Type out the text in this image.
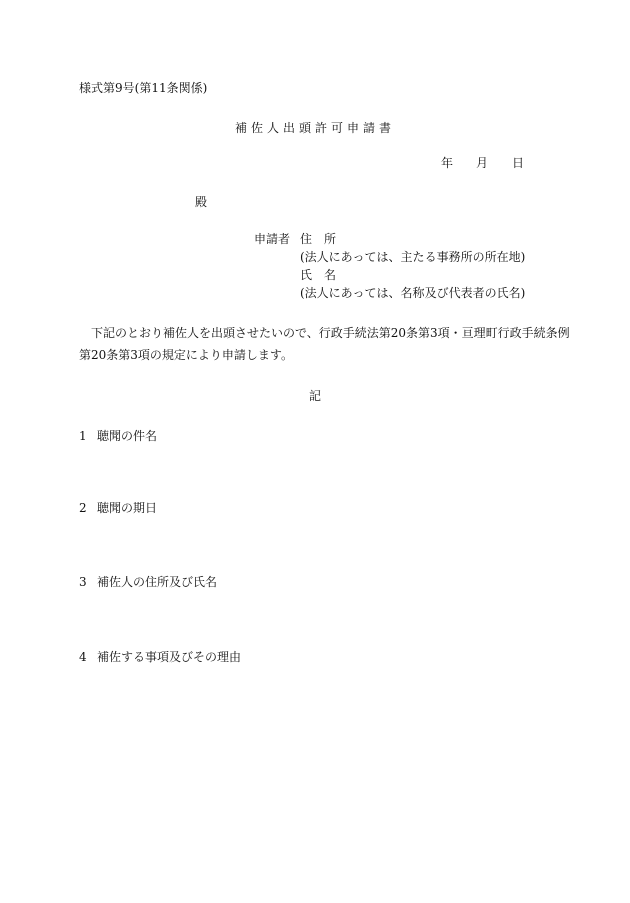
様式第9号(第11条関係)
補佐人出頭許可申請書
年 月 日
殿
申請者 住　所
(法人にあっては、主たる事務所の所在地)
氏　名
(法人にあっては、名称及び代表者の氏名)
　下記のとおり補佐人を出頭させたいので、行政手続法第20条第3項・亘理町行政手続条例
第20条第3項の規定により申請します。
記
1 聴聞の件名
2 聴聞の期日
3 補佐人の住所及び氏名
4 補佐する事項及びその理由
